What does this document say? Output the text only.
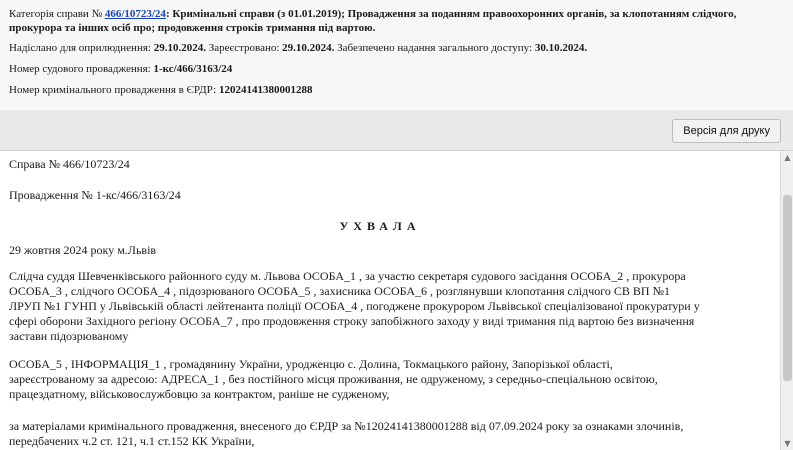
Категорія справи № 466/10723/24: Кримінальні справи (з 01.01.2019); Провадження за поданням правоохоронних органів, за клопотанням слідчого,
прокурора та інших осіб про; продовження строків тримання під вартою.
Надіслано для оприлюднення: 29.10.2024. Зареєстровано: 29.10.2024. Забезпечено надання загального доступу: 30.10.2024.
Номер судового провадження: 1-кс/466/3163/24
Номер кримінального провадження в ЄРДР: 12024141380001288
Версія для друку
Справа № 466/10723/24
Провадження № 1-кс/466/3163/24
УХВАЛА
29 жовтня 2024 року м.Львів
Слідча суддя Шевченківського районного суду м. Львова ОСОБА_1 , за участю секретаря судового засідання ОСОБА_2 , прокурора
ОСОБА_3 , слідчого ОСОБА_4 , підозрюваного ОСОБА_5 , захисника ОСОБА_6 , розглянувши клопотання слідчого СВ ВП №1
ЛРУП №1 ГУНП у Львівській області лейтенанта поліції ОСОБА_4 , погоджене прокурором Львівської спеціалізованої прокуратури у
сфері оборони Західного регіону ОСОБА_7 , про продовження строку запобіжного заходу у виді тримання під вартою без визначення
застави підозрюваному
ОСОБА_5 , ІНФОРМАЦІЯ_1 , громадянину України, уродженцю с. Долина, Токмацького району, Запорізької області,
зареєстрованому за адресою: АДРЕСА_1 , без постійного місця проживання, не одруженому, з середньо-спеціальною освітою,
працездатному, військовослужбовцю за контрактом, раніше не судженому,
за матеріалами кримінального провадження, внесеного до ЄРДР за №12024141380001288 від 07.09.2024 року за ознаками злочинів,
передбачених ч.2 ст. 121, ч.1 ст.152 КК України,
▲
▼
